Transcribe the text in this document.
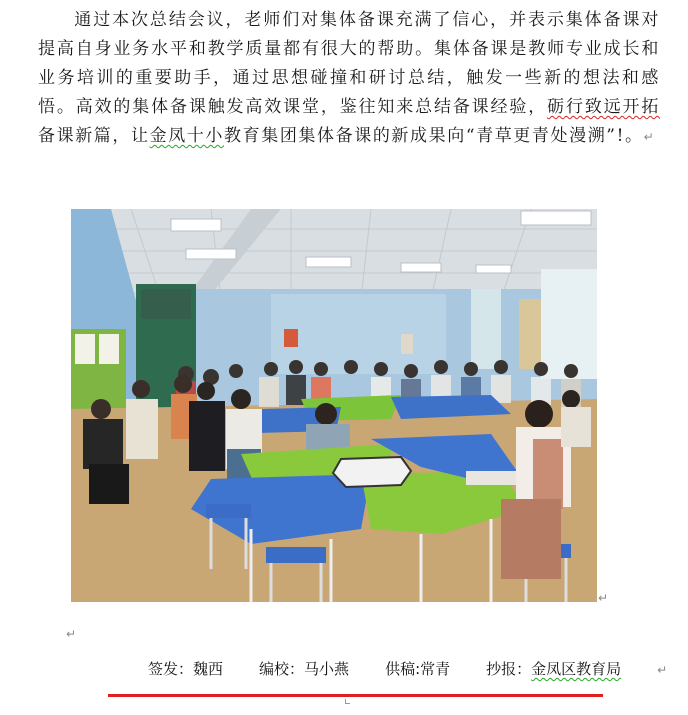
通过本次总结会议，老师们对集体备课充满了信心，并表示集体备课对提高自身业务水平和教学质量都有很大的帮助。集体备课是教师专业成长和业务培训的重要助手，通过思想碰撞和研讨总结，触发一些新的想法和感悟。高效的集体备课触发高效课堂，鉴往知来总结备课经验，砺行致远开拓备课新篇，让金凤十小教育集团集体备课的新成果向“青草更青处漫溯”!。↵
↵
↵
签发：魏西 编校：马小燕 供稿:常青 抄报：金凤区教育局	↵
